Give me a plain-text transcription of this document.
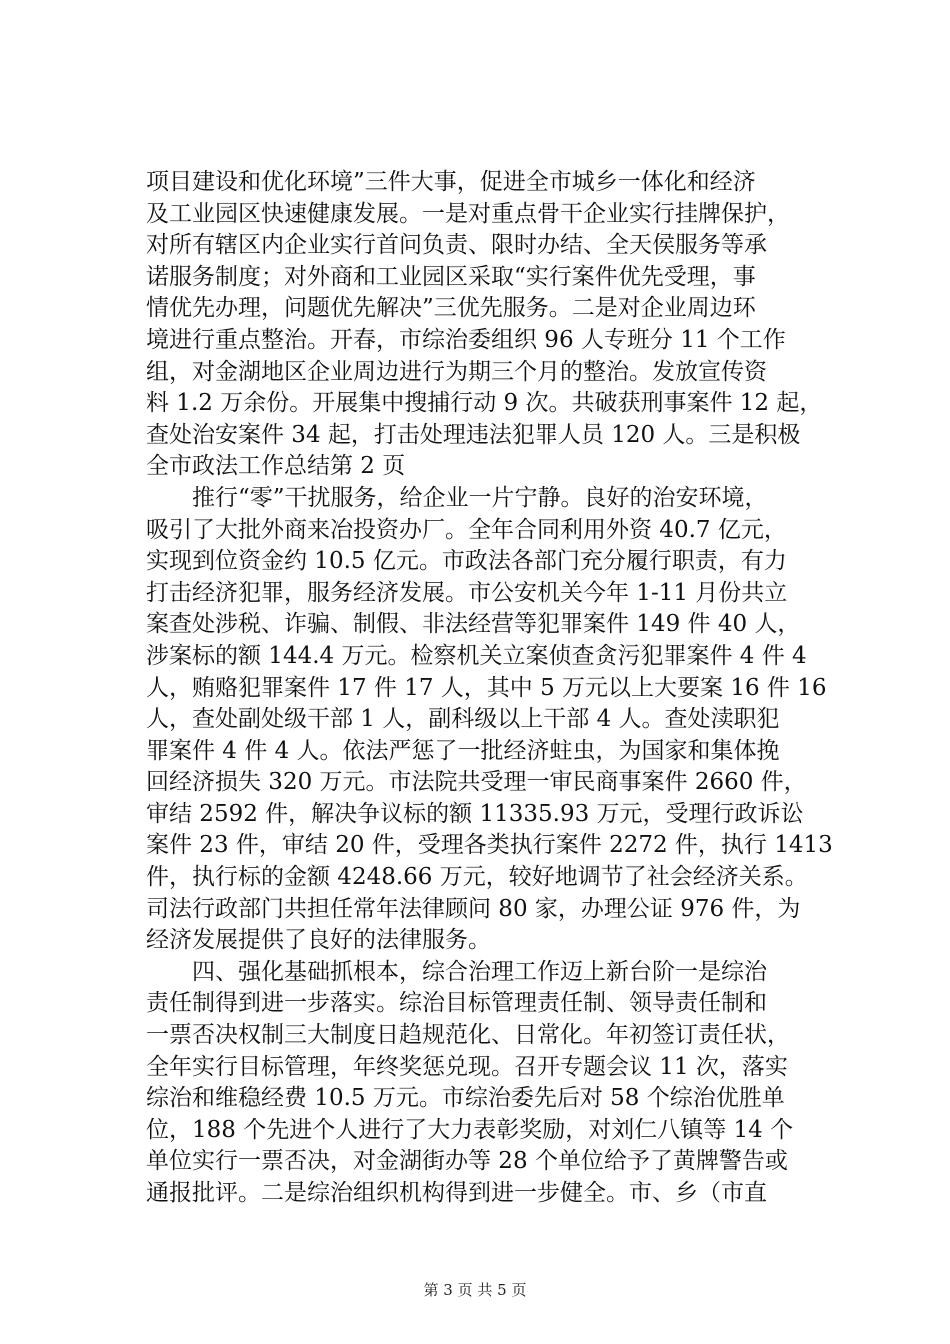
项目建设和优化环境”三件大事，促进全市城乡一体化和经济
及工业园区快速健康发展。一是对重点骨干企业实行挂牌保护，
对所有辖区内企业实行首问负责、限时办结、全天侯服务等承
诺服务制度；对外商和工业园区采取“实行案件优先受理，事
情优先办理，问题优先解决”三优先服务。二是对企业周边环
境进行重点整治。开春，市综治委组织 96 人专班分 11 个工作
组，对金湖地区企业周边进行为期三个月的整治。发放宣传资
料 1.2 万余份。开展集中搜捕行动 9 次。共破获刑事案件 12 起，
查处治安案件 34 起，打击处理违法犯罪人员 120 人。三是积极
全市政法工作总结第 2 页
　　推行“零”干扰服务，给企业一片宁静。良好的治安环境，
吸引了大批外商来冶投资办厂。全年合同利用外资 40.7 亿元，
实现到位资金约 10.5 亿元。市政法各部门充分履行职责，有力
打击经济犯罪，服务经济发展。市公安机关今年 1-11 月份共立
案查处涉税、诈骗、制假、非法经营等犯罪案件 149 件 40 人，
涉案标的额 144.4 万元。检察机关立案侦查贪污犯罪案件 4 件 4
人，贿赂犯罪案件 17 件 17 人，其中 5 万元以上大要案 16 件 16
人，查处副处级干部 1 人，副科级以上干部 4 人。查处渎职犯
罪案件 4 件 4 人。依法严惩了一批经济蛀虫，为国家和集体挽
回经济损失 320 万元。市法院共受理一审民商事案件 2660 件，
审结 2592 件，解决争议标的额 11335.93 万元，受理行政诉讼
案件 23 件，审结 20 件，受理各类执行案件 2272 件，执行 1413
件，执行标的金额 4248.66 万元，较好地调节了社会经济关系。
司法行政部门共担任常年法律顾问 80 家，办理公证 976 件，为
经济发展提供了良好的法律服务。
　　四、强化基础抓根本，综合治理工作迈上新台阶一是综治
责任制得到进一步落实。综治目标管理责任制、领导责任制和
一票否决权制三大制度日趋规范化、日常化。年初签订责任状，
全年实行目标管理，年终奖惩兑现。召开专题会议 11 次，落实
综治和维稳经费 10.5 万元。市综治委先后对 58 个综治优胜单
位，188 个先进个人进行了大力表彰奖励，对刘仁八镇等 14 个
单位实行一票否决，对金湖街办等 28 个单位给予了黄牌警告或
通报批评。二是综治组织机构得到进一步健全。市、乡（市直
第 3 页 共 5 页
